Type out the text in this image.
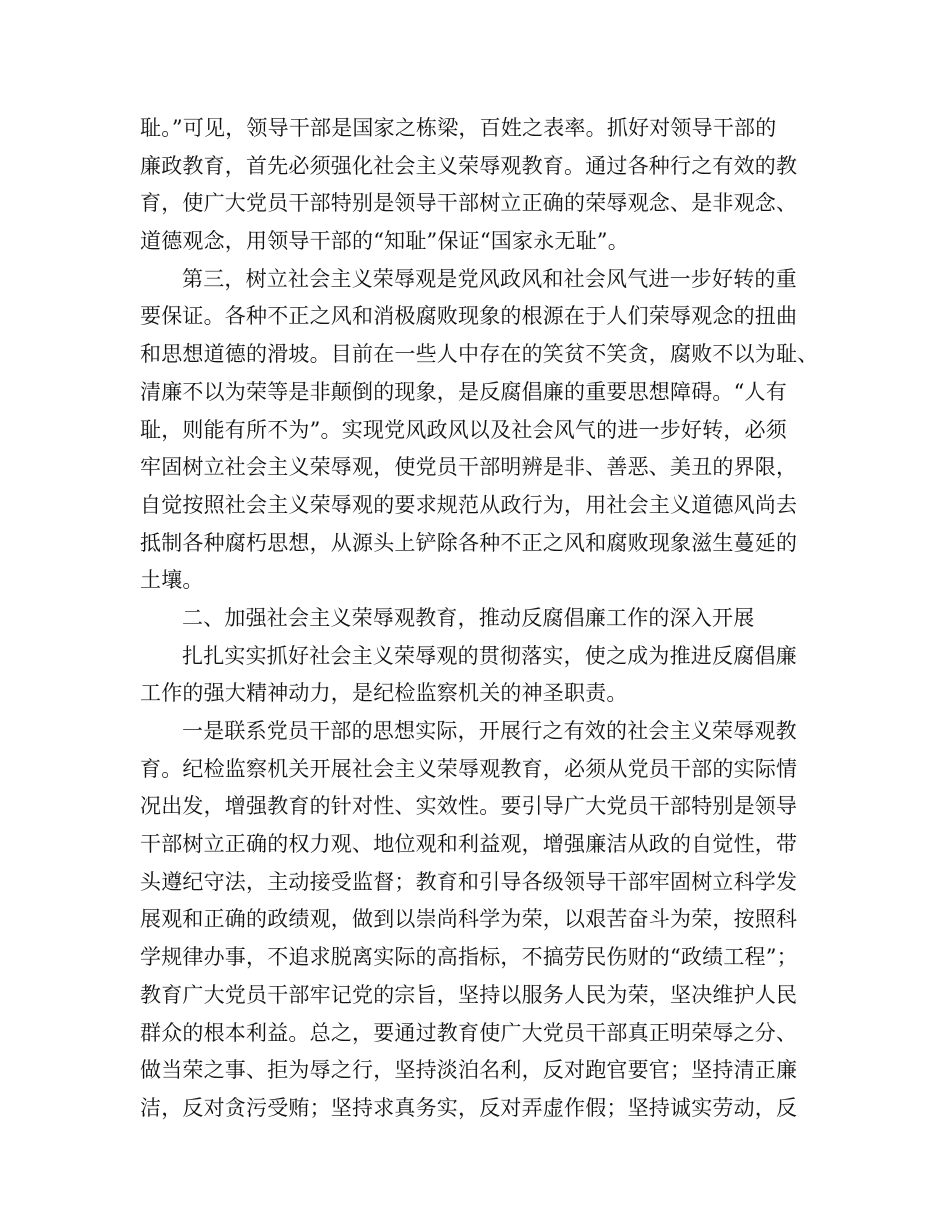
耻。”可见，领导干部是国家之栋梁，百姓之表率。抓好对领导干部的
廉政教育，首先必须强化社会主义荣辱观教育。通过各种行之有效的教
育，使广大党员干部特别是领导干部树立正确的荣辱观念、是非观念、
道德观念，用领导干部的“知耻”保证“国家永无耻”。
第三，树立社会主义荣辱观是党风政风和社会风气进一步好转的重
要保证。各种不正之风和消极腐败现象的根源在于人们荣辱观念的扭曲
和思想道德的滑坡。目前在一些人中存在的笑贫不笑贪，腐败不以为耻、
清廉不以为荣等是非颠倒的现象，是反腐倡廉的重要思想障碍。“人有
耻，则能有所不为”。实现党风政风以及社会风气的进一步好转，必须
牢固树立社会主义荣辱观，使党员干部明辨是非、善恶、美丑的界限，
自觉按照社会主义荣辱观的要求规范从政行为，用社会主义道德风尚去
抵制各种腐朽思想，从源头上铲除各种不正之风和腐败现象滋生蔓延的
土壤。
二、加强社会主义荣辱观教育，推动反腐倡廉工作的深入开展
扎扎实实抓好社会主义荣辱观的贯彻落实，使之成为推进反腐倡廉
工作的强大精神动力，是纪检监察机关的神圣职责。
一是联系党员干部的思想实际，开展行之有效的社会主义荣辱观教
育。纪检监察机关开展社会主义荣辱观教育，必须从党员干部的实际情
况出发，增强教育的针对性、实效性。要引导广大党员干部特别是领导
干部树立正确的权力观、地位观和利益观，增强廉洁从政的自觉性，带
头遵纪守法，主动接受监督；教育和引导各级领导干部牢固树立科学发
展观和正确的政绩观，做到以崇尚科学为荣，以艰苦奋斗为荣，按照科
学规律办事，不追求脱离实际的高指标，不搞劳民伤财的“政绩工程”；
教育广大党员干部牢记党的宗旨，坚持以服务人民为荣，坚决维护人民
群众的根本利益。总之，要通过教育使广大党员干部真正明荣辱之分、
做当荣之事、拒为辱之行，坚持淡泊名利，反对跑官要官；坚持清正廉
洁，反对贪污受贿；坚持求真务实，反对弄虚作假；坚持诚实劳动，反
